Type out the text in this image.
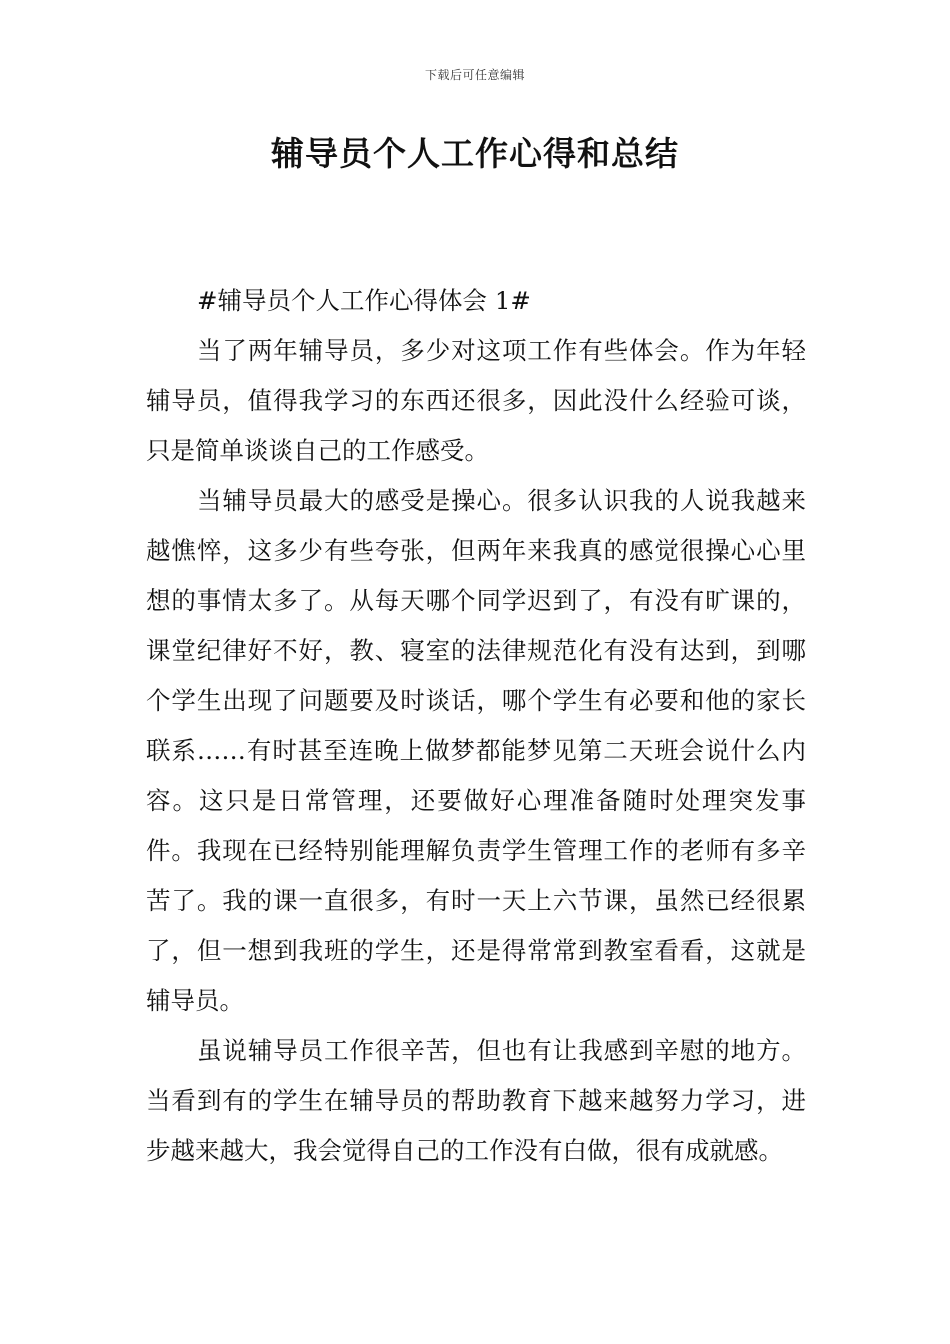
下载后可任意编辑
辅导员个人工作心得和总结

#辅导员个人工作心得体会 1#

当了两年辅导员，多少对这项工作有些体会。作为年轻辅导员，值得我学习的东西还很多，因此没什么经验可谈，只是简单谈谈自己的工作感受。

当辅导员最大的感受是操心。很多认识我的人说我越来越憔悴，这多少有些夸张，但两年来我真的感觉很操心心里想的事情太多了。从每天哪个同学迟到了，有没有旷课的，课堂纪律好不好，教、寝室的法律规范化有没有达到，到哪个学生出现了问题要及时谈话，哪个学生有必要和他的家长联系……有时甚至连晚上做梦都能梦见第二天班会说什么内容。这只是日常管理，还要做好心理准备随时处理突发事件。我现在已经特别能理解负责学生管理工作的老师有多辛苦了。我的课一直很多，有时一天上六节课，虽然已经很累了，但一想到我班的学生，还是得常常到教室看看，这就是辅导员。

虽说辅导员工作很辛苦，但也有让我感到辛慰的地方。当看到有的学生在辅导员的帮助教育下越来越努力学习，进步越来越大，我会觉得自己的工作没有白做，很有成就感。
